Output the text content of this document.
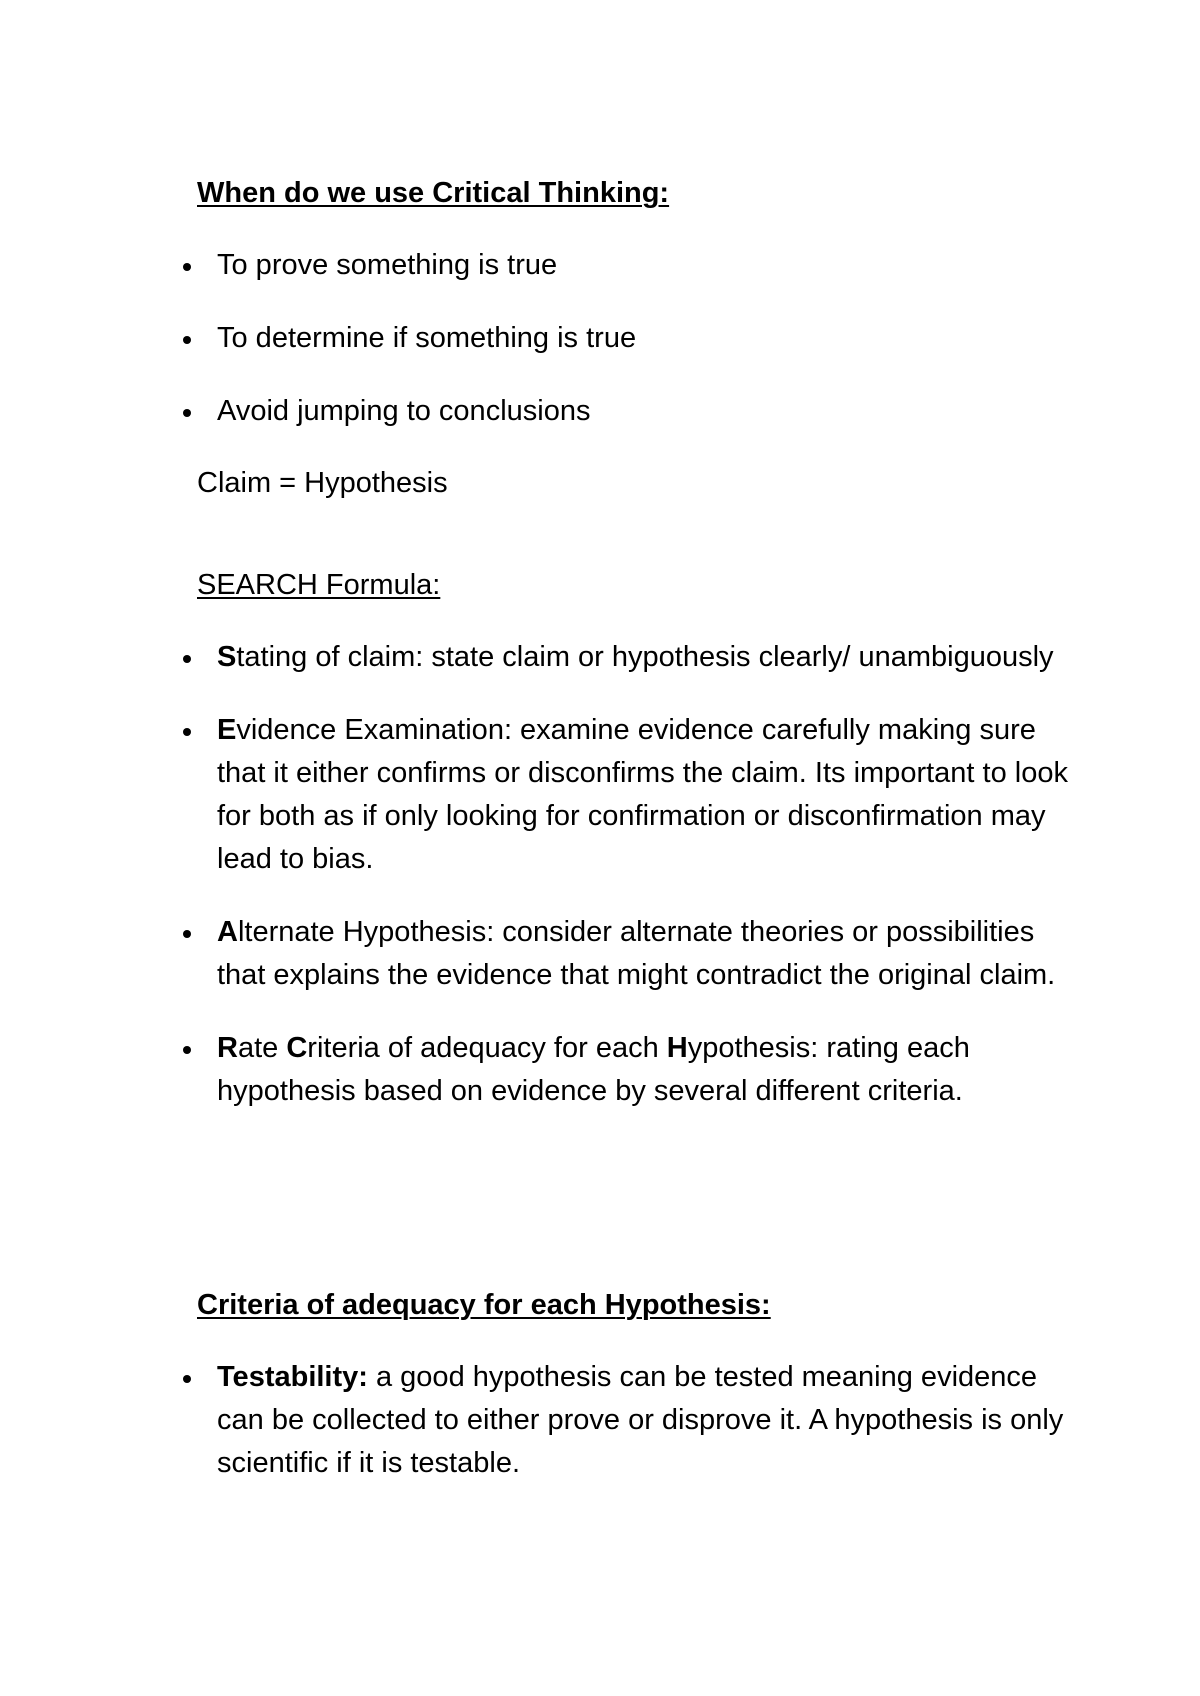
When do we use Critical Thinking:
To prove something is true
To determine if something is true
Avoid jumping to conclusions

Claim = Hypothesis

SEARCH Formula:
Stating of claim: state claim or hypothesis clearly/ unambiguously
Evidence Examination: examine evidence carefully making sure that it either confirms or disconfirms the claim. Its important to look for both as if only looking for confirmation or disconfirmation may lead to bias.
Alternate Hypothesis: consider alternate theories or possibilities that explains the evidence that might contradict the original claim.
Rate Criteria of adequacy for each Hypothesis: rating each hypothesis based on evidence by several different criteria.
Criteria of adequacy for each Hypothesis:
Testability: a good hypothesis can be tested meaning evidence can be collected to either prove or disprove it. A hypothesis is only scientific if it is testable.
